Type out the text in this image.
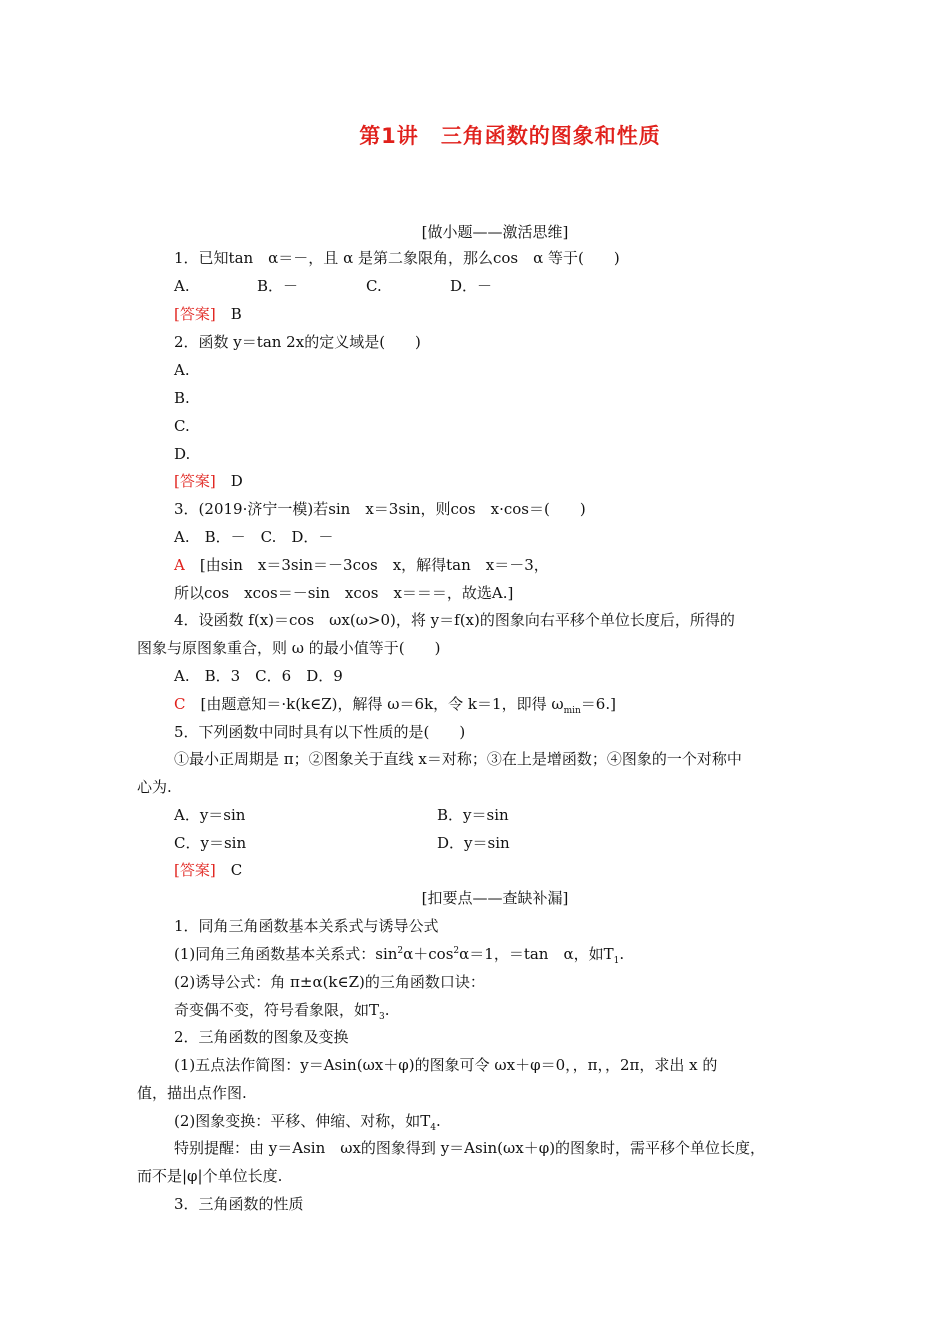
第1讲 三角函数的图象和性质
[做小题——激活思维]
1．已知tan　α＝－，且 α 是第二象限角，那么cos　α 等于(　　)
A.	B．－	C.	D．－
[答案]　 B
2．函数 y＝tan 2x的定义域是(　　)
A.
B.
C.
D.
[答案]　 D
3．(2019·济宁一模)若sin　x＝3sin，则cos　x·cos＝(　　)
A.　B．－　C.　D．－
A　 [由sin　x＝3sin＝－3cos　x，解得tan　x＝－3，
所以cos　xcos＝－sin　xcos　x＝＝＝，故选A.]
4．设函数 f(x)＝cos　ωx(ω>0)，将 y＝f(x)的图象向右平移个单位长度后，所得的
图象与原图象重合，则 ω 的最小值等于(　　)
A.　B．3　C．6　D．9
C　 [由题意知＝·k(k∈Z)，解得 ω＝6k，令 k＝1，即得 $\omega_{min}=6$.]
5．下列函数中同时具有以下性质的是(　　)
①最小正周期是 π；②图象关于直线 x＝对称；③在上是增函数；④图象的一个对称中
心为.
A．y＝sin	B．y＝sin
C．y＝sin	D．y＝sin
[答案]　 C
[扣要点——查缺补漏]
1．同角三角函数基本关系式与诱导公式
(1)同角三角函数基本关系式：$\sin^2\alpha+\cos^2\alpha=1$，＝tan　α，如$T_1$.
(2)诱导公式：角 π±α(k∈Z)的三角函数口诀：
奇变偶不变，符号看象限，如$T_3$.
2．三角函数的图象及变换
(1)五点法作简图：y＝Asin(ωx＋φ)的图象可令 ωx＋φ＝0，，π，，2π，求出 x 的
值，描出点作图.
(2)图象变换：平移、伸缩、对称，如$T_4$.
特别提醒：由 y＝Asin　ωx的图象得到 y＝Asin(ωx＋φ)的图象时，需平移个单位长度，
而不是|φ|个单位长度.
3．三角函数的性质
